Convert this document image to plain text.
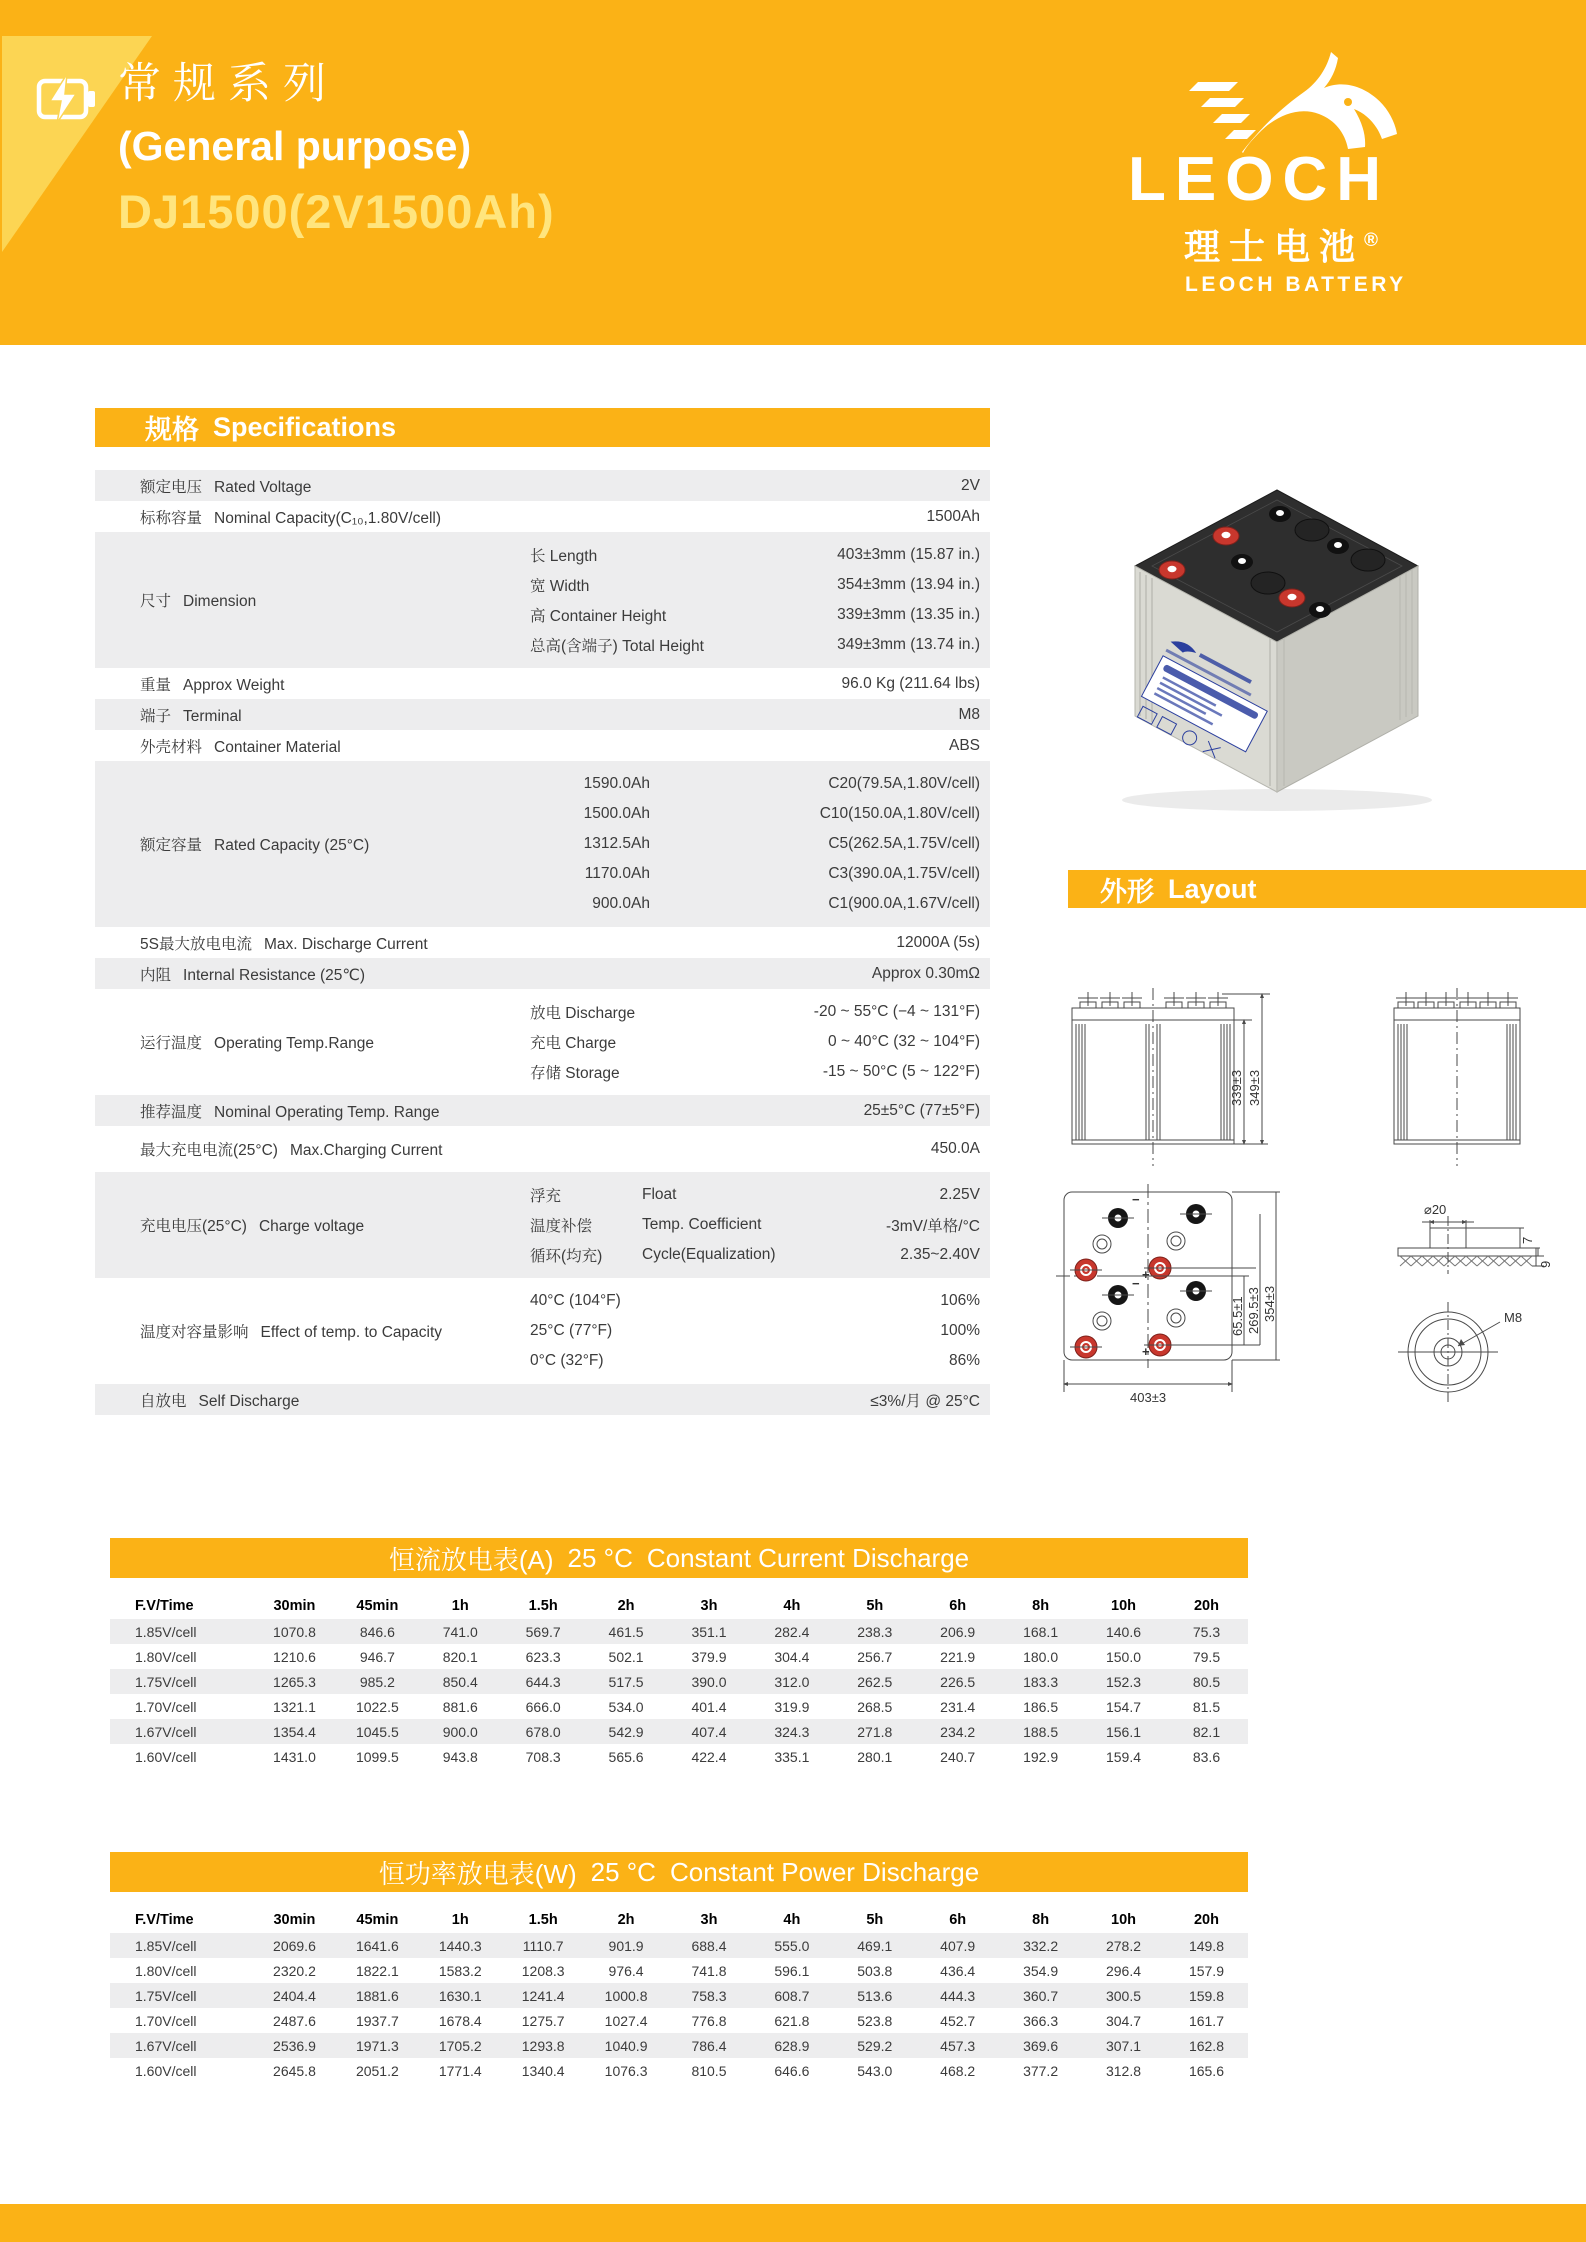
常规系列
(General purpose)
DJ1500(2V1500Ah)	LEOCH
理士电池®
LEOCH BATTERY
规格 Specifications
额定电压 Rated Voltage	2V
标称容量 Nominal Capacity(C₁₀,1.80V/cell)	1500Ah
尺寸 Dimension
长 Length	403±3mm (15.87 in.)
宽 Width	354±3mm (13.94 in.)
高 Container Height	339±3mm (13.35 in.)
总高(含端子) Total Height	349±3mm (13.74 in.)
重量 Approx Weight	96.0 Kg (211.64 lbs)
端子 Terminal	M8
外壳材料 Container Material	ABS
额定容量 Rated Capacity (25°C)
1590.0Ah	C20(79.5A,1.80V/cell)
1500.0Ah	C10(150.0A,1.80V/cell)
1312.5Ah	C5(262.5A,1.75V/cell)
1170.0Ah	C3(390.0A,1.75V/cell)
900.0Ah	C1(900.0A,1.67V/cell)
5S最大放电电流 Max. Discharge Current	12000A (5s)
内阻 Internal Resistance (25℃)	Approx 0.30mΩ
运行温度 Operating Temp.Range
放电 Discharge	-20 ~ 55°C (−4 ~ 131°F)
充电 Charge	0 ~ 40°C (32 ~ 104°F)
存储 Storage	-15 ~ 50°C (5 ~ 122°F)
推荐温度 Nominal Operating Temp. Range	25±5°C (77±5°F)
最大充电电流(25°C) Max.Charging Current	450.0A
充电电压(25°C) Charge voltage
浮充	Float	2.25V
温度补偿	Temp. Coefficient	-3mV/单格/°C
循环(均充)	Cycle(Equalization)	2.35~2.40V
温度对容量影响 Effect of temp. to Capacity
40°C (104°F)	106%
25°C (77°F)	100%
0°C (32°F)	86%
自放电 Self Discharge	≤3%/月 @ 25°C
外形 Layout
339±3 349±3
−
+
−
+
65.5±1 269.5±3 354±3
403±3
⌀20
7
9
M8
恒流放电表(A) 25 °C Constant Current Discharge
F.V/Time	30min	45min	1h	1.5h	2h	3h	4h	5h	6h	8h	10h	20h
1.85V/cell	1070.8	846.6	741.0	569.7	461.5	351.1	282.4	238.3	206.9	168.1	140.6	75.3
1.80V/cell	1210.6	946.7	820.1	623.3	502.1	379.9	304.4	256.7	221.9	180.0	150.0	79.5
1.75V/cell	1265.3	985.2	850.4	644.3	517.5	390.0	312.0	262.5	226.5	183.3	152.3	80.5
1.70V/cell	1321.1	1022.5	881.6	666.0	534.0	401.4	319.9	268.5	231.4	186.5	154.7	81.5
1.67V/cell	1354.4	1045.5	900.0	678.0	542.9	407.4	324.3	271.8	234.2	188.5	156.1	82.1
1.60V/cell	1431.0	1099.5	943.8	708.3	565.6	422.4	335.1	280.1	240.7	192.9	159.4	83.6
恒功率放电表(W) 25 °C Constant Power Discharge
F.V/Time	30min	45min	1h	1.5h	2h	3h	4h	5h	6h	8h	10h	20h
1.85V/cell	2069.6	1641.6	1440.3	1110.7	901.9	688.4	555.0	469.1	407.9	332.2	278.2	149.8
1.80V/cell	2320.2	1822.1	1583.2	1208.3	976.4	741.8	596.1	503.8	436.4	354.9	296.4	157.9
1.75V/cell	2404.4	1881.6	1630.1	1241.4	1000.8	758.3	608.7	513.6	444.3	360.7	300.5	159.8
1.70V/cell	2487.6	1937.7	1678.4	1275.7	1027.4	776.8	621.8	523.8	452.7	366.3	304.7	161.7
1.67V/cell	2536.9	1971.3	1705.2	1293.8	1040.9	786.4	628.9	529.2	457.3	369.6	307.1	162.8
1.60V/cell	2645.8	2051.2	1771.4	1340.4	1076.3	810.5	646.6	543.0	468.2	377.2	312.8	165.6
